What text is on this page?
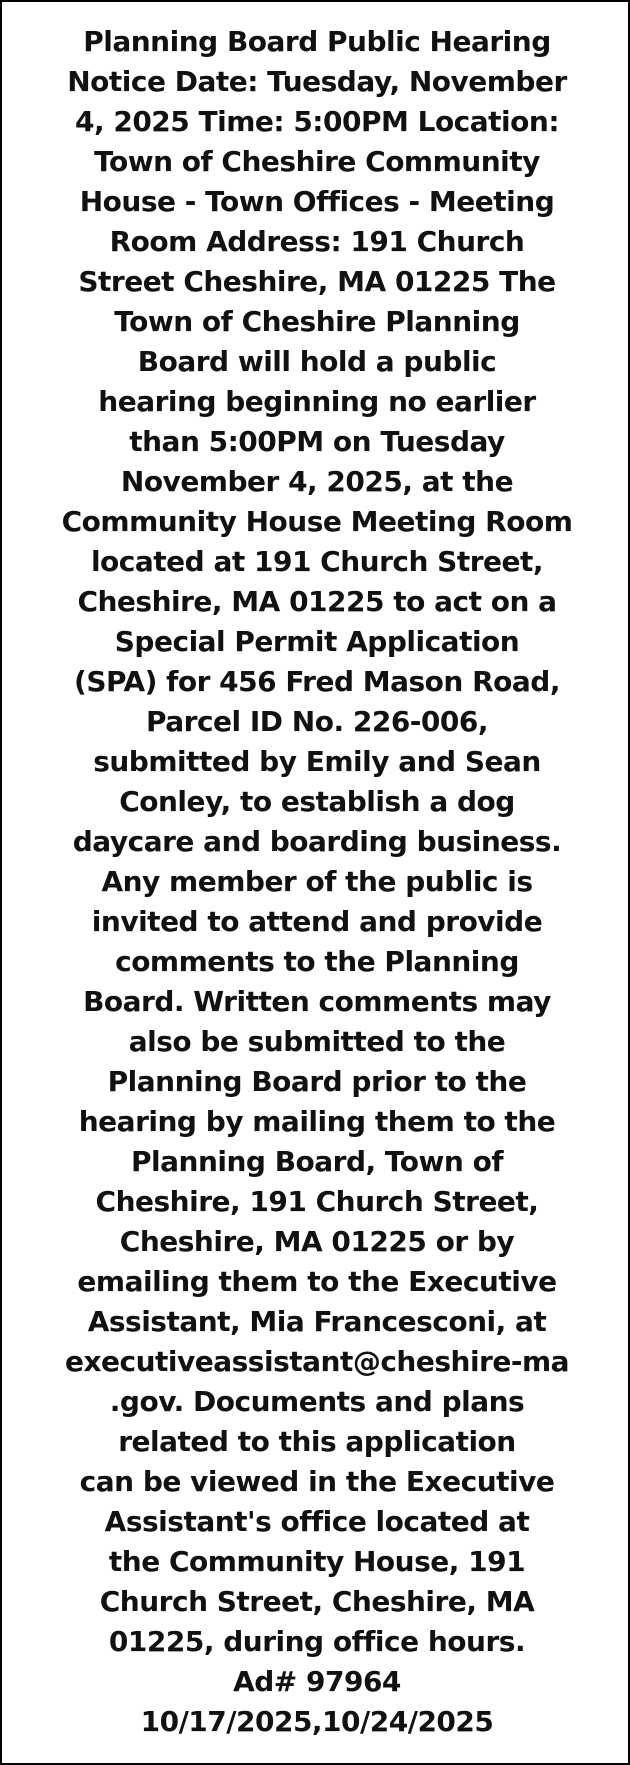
Planning Board Public Hearing
Notice Date: Tuesday, November
4, 2025 Time: 5:00PM Location:
Town of Cheshire Community
House - Town Offices - Meeting
Room Address: 191 Church
Street Cheshire, MA 01225 The
Town of Cheshire Planning
Board will hold a public
hearing beginning no earlier
than 5:00PM on Tuesday
November 4, 2025, at the
Community House Meeting Room
located at 191 Church Street,
Cheshire, MA 01225 to act on a
Special Permit Application
(SPA) for 456 Fred Mason Road,
Parcel ID No. 226-006,
submitted by Emily and Sean
Conley, to establish a dog
daycare and boarding business.
Any member of the public is
invited to attend and provide
comments to the Planning
Board. Written comments may
also be submitted to the
Planning Board prior to the
hearing by mailing them to the
Planning Board, Town of
Cheshire, 191 Church Street,
Cheshire, MA 01225 or by
emailing them to the Executive
Assistant, Mia Francesconi, at
executiveassistant@cheshire-ma
.gov. Documents and plans
related to this application
can be viewed in the Executive
Assistant's office located at
the Community House, 191
Church Street, Cheshire, MA
01225, during office hours.
Ad# 97964
10/17/2025,10/24/2025
